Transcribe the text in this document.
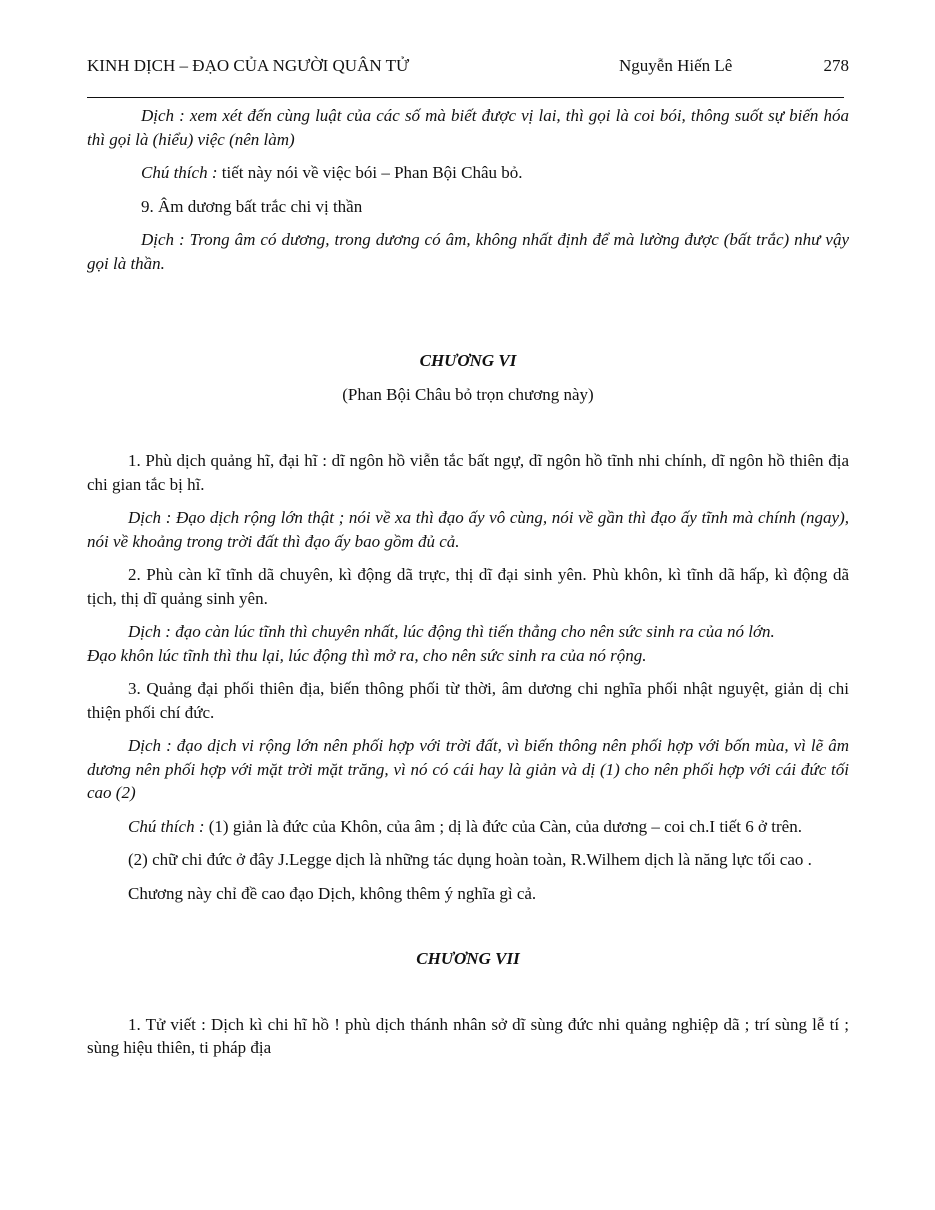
KINH DỊCH – ĐẠO CỦA NGƯỜI QUÂN TỬ	Nguyễn Hiến Lê	278

Dịch : xem xét đến cùng luật của các số mà biết được vị lai, thì gọi là coi bói, thông suốt sự biến hóa thì gọi là (hiểu) việc (nên làm)

Chú thích : tiết này nói về việc bói – Phan Bội Châu bỏ.

9. Âm dương bất trắc chi vị thần

Dịch : Trong âm có dương, trong dương có âm, không nhất định để mà lường được (bất trắc) như vậy gọi là thần.

CHƯƠNG VI

(Phan Bội Châu bỏ trọn chương này)

1. Phù dịch quảng hĩ, đại hĩ : dĩ ngôn hồ viễn tắc bất ngự, dĩ ngôn hồ tĩnh nhi chính, dĩ ngôn hồ thiên địa chi gian tắc bị hĩ.

Dịch : Đạo dịch rộng lớn thật ; nói về xa thì đạo ấy vô cùng, nói về gần thì đạo ấy tĩnh mà chính (ngay), nói về khoảng trong trời đất thì đạo ấy bao gồm đủ cả.

2. Phù càn kĩ tĩnh dã chuyên, kì động dã trực, thị dĩ đại sinh yên. Phù khôn, kì tĩnh dã hấp, kì động dã tịch, thị dĩ quảng sinh yên.

Dịch : đạo càn lúc tĩnh thì chuyên nhất, lúc động thì tiến thẳng cho nên sức sinh ra của nó lớn.
Đạo khôn lúc tĩnh thì thu lại, lúc động thì mở ra, cho nên sức sinh ra của nó rộng.

3. Quảng đại phối thiên địa, biến thông phối từ thời, âm dương chi nghĩa phối nhật nguyệt, giản dị chi thiện phối chí đức.

Dịch : đạo dịch vi rộng lớn nên phối hợp với trời đất, vì biến thông nên phối hợp với bốn mùa, vì lẽ âm dương nên phối hợp với mặt trời mặt trăng, vì nó có cái hay là giản và dị (1) cho nên phối hợp với cái đức tối cao (2)

Chú thích : (1) giản là đức của Khôn, của âm ; dị là đức của Càn, của dương – coi ch.I tiết 6 ở trên.

(2) chữ chi đức ở đây J.Legge dịch là những tác dụng hoàn toàn, R.Wilhem dịch là năng lực tối cao .

Chương này chỉ đề cao đạo Dịch, không thêm ý nghĩa gì cả.

CHƯƠNG VII

1. Tử viết : Dịch kì chi hĩ hồ ! phù dịch thánh nhân sở dĩ sùng đức nhi quảng nghiệp dã ; trí sùng lễ tí ; sùng hiệu thiên, ti pháp địa
